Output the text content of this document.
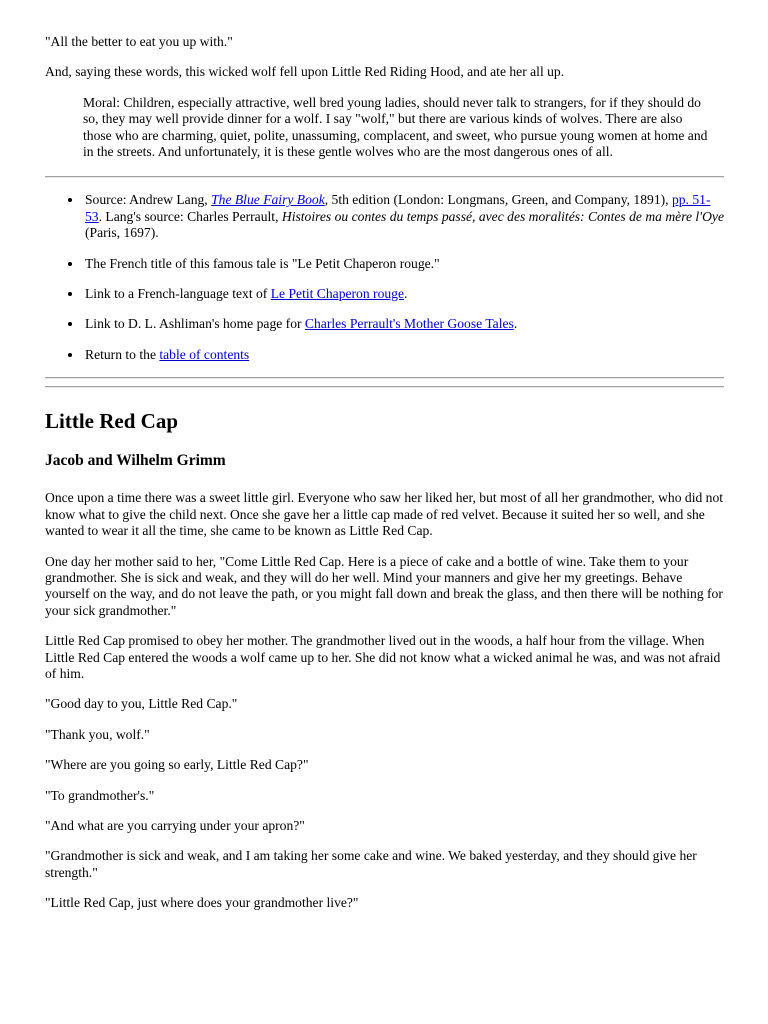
"All the better to eat you up with."

And, saying these words, this wicked wolf fell upon Little Red Riding Hood, and ate her all up.

Moral: Children, especially attractive, well bred young ladies, should never talk to strangers, for if they should do so, they may well provide dinner for a wolf. I say "wolf," but there are various kinds of wolves. There are also those who are charming, quiet, polite, unassuming, complacent, and sweet, who pursue young women at home and in the streets. And unfortunately, it is these gentle wolves who are the most dangerous ones of all.
• Source: Andrew Lang, The Blue Fairy Book, 5th edition (London: Longmans, Green, and Company, 1891), pp. 51-53. Lang's source: Charles Perrault, Histoires ou contes du temps passé, avec des moralités: Contes de ma mère l'Oye (Paris, 1697).
• The French title of this famous tale is "Le Petit Chaperon rouge."
• Link to a French-language text of Le Petit Chaperon rouge.
• Link to D. L. Ashliman's home page for Charles Perrault's Mother Goose Tales.
• Return to the table of contents
Little Red Cap
Jacob and Wilhelm Grimm

Once upon a time there was a sweet little girl. Everyone who saw her liked her, but most of all her grandmother, who did not know what to give the child next. Once she gave her a little cap made of red velvet. Because it suited her so well, and she wanted to wear it all the time, she came to be known as Little Red Cap.

One day her mother said to her, "Come Little Red Cap. Here is a piece of cake and a bottle of wine. Take them to your grandmother. She is sick and weak, and they will do her well. Mind your manners and give her my greetings. Behave yourself on the way, and do not leave the path, or you might fall down and break the glass, and then there will be nothing for your sick grandmother."

Little Red Cap promised to obey her mother. The grandmother lived out in the woods, a half hour from the village. When Little Red Cap entered the woods a wolf came up to her. She did not know what a wicked animal he was, and was not afraid of him.

"Good day to you, Little Red Cap."

"Thank you, wolf."

"Where are you going so early, Little Red Cap?"

"To grandmother's."

"And what are you carrying under your apron?"

"Grandmother is sick and weak, and I am taking her some cake and wine. We baked yesterday, and they should give her strength."

"Little Red Cap, just where does your grandmother live?"
